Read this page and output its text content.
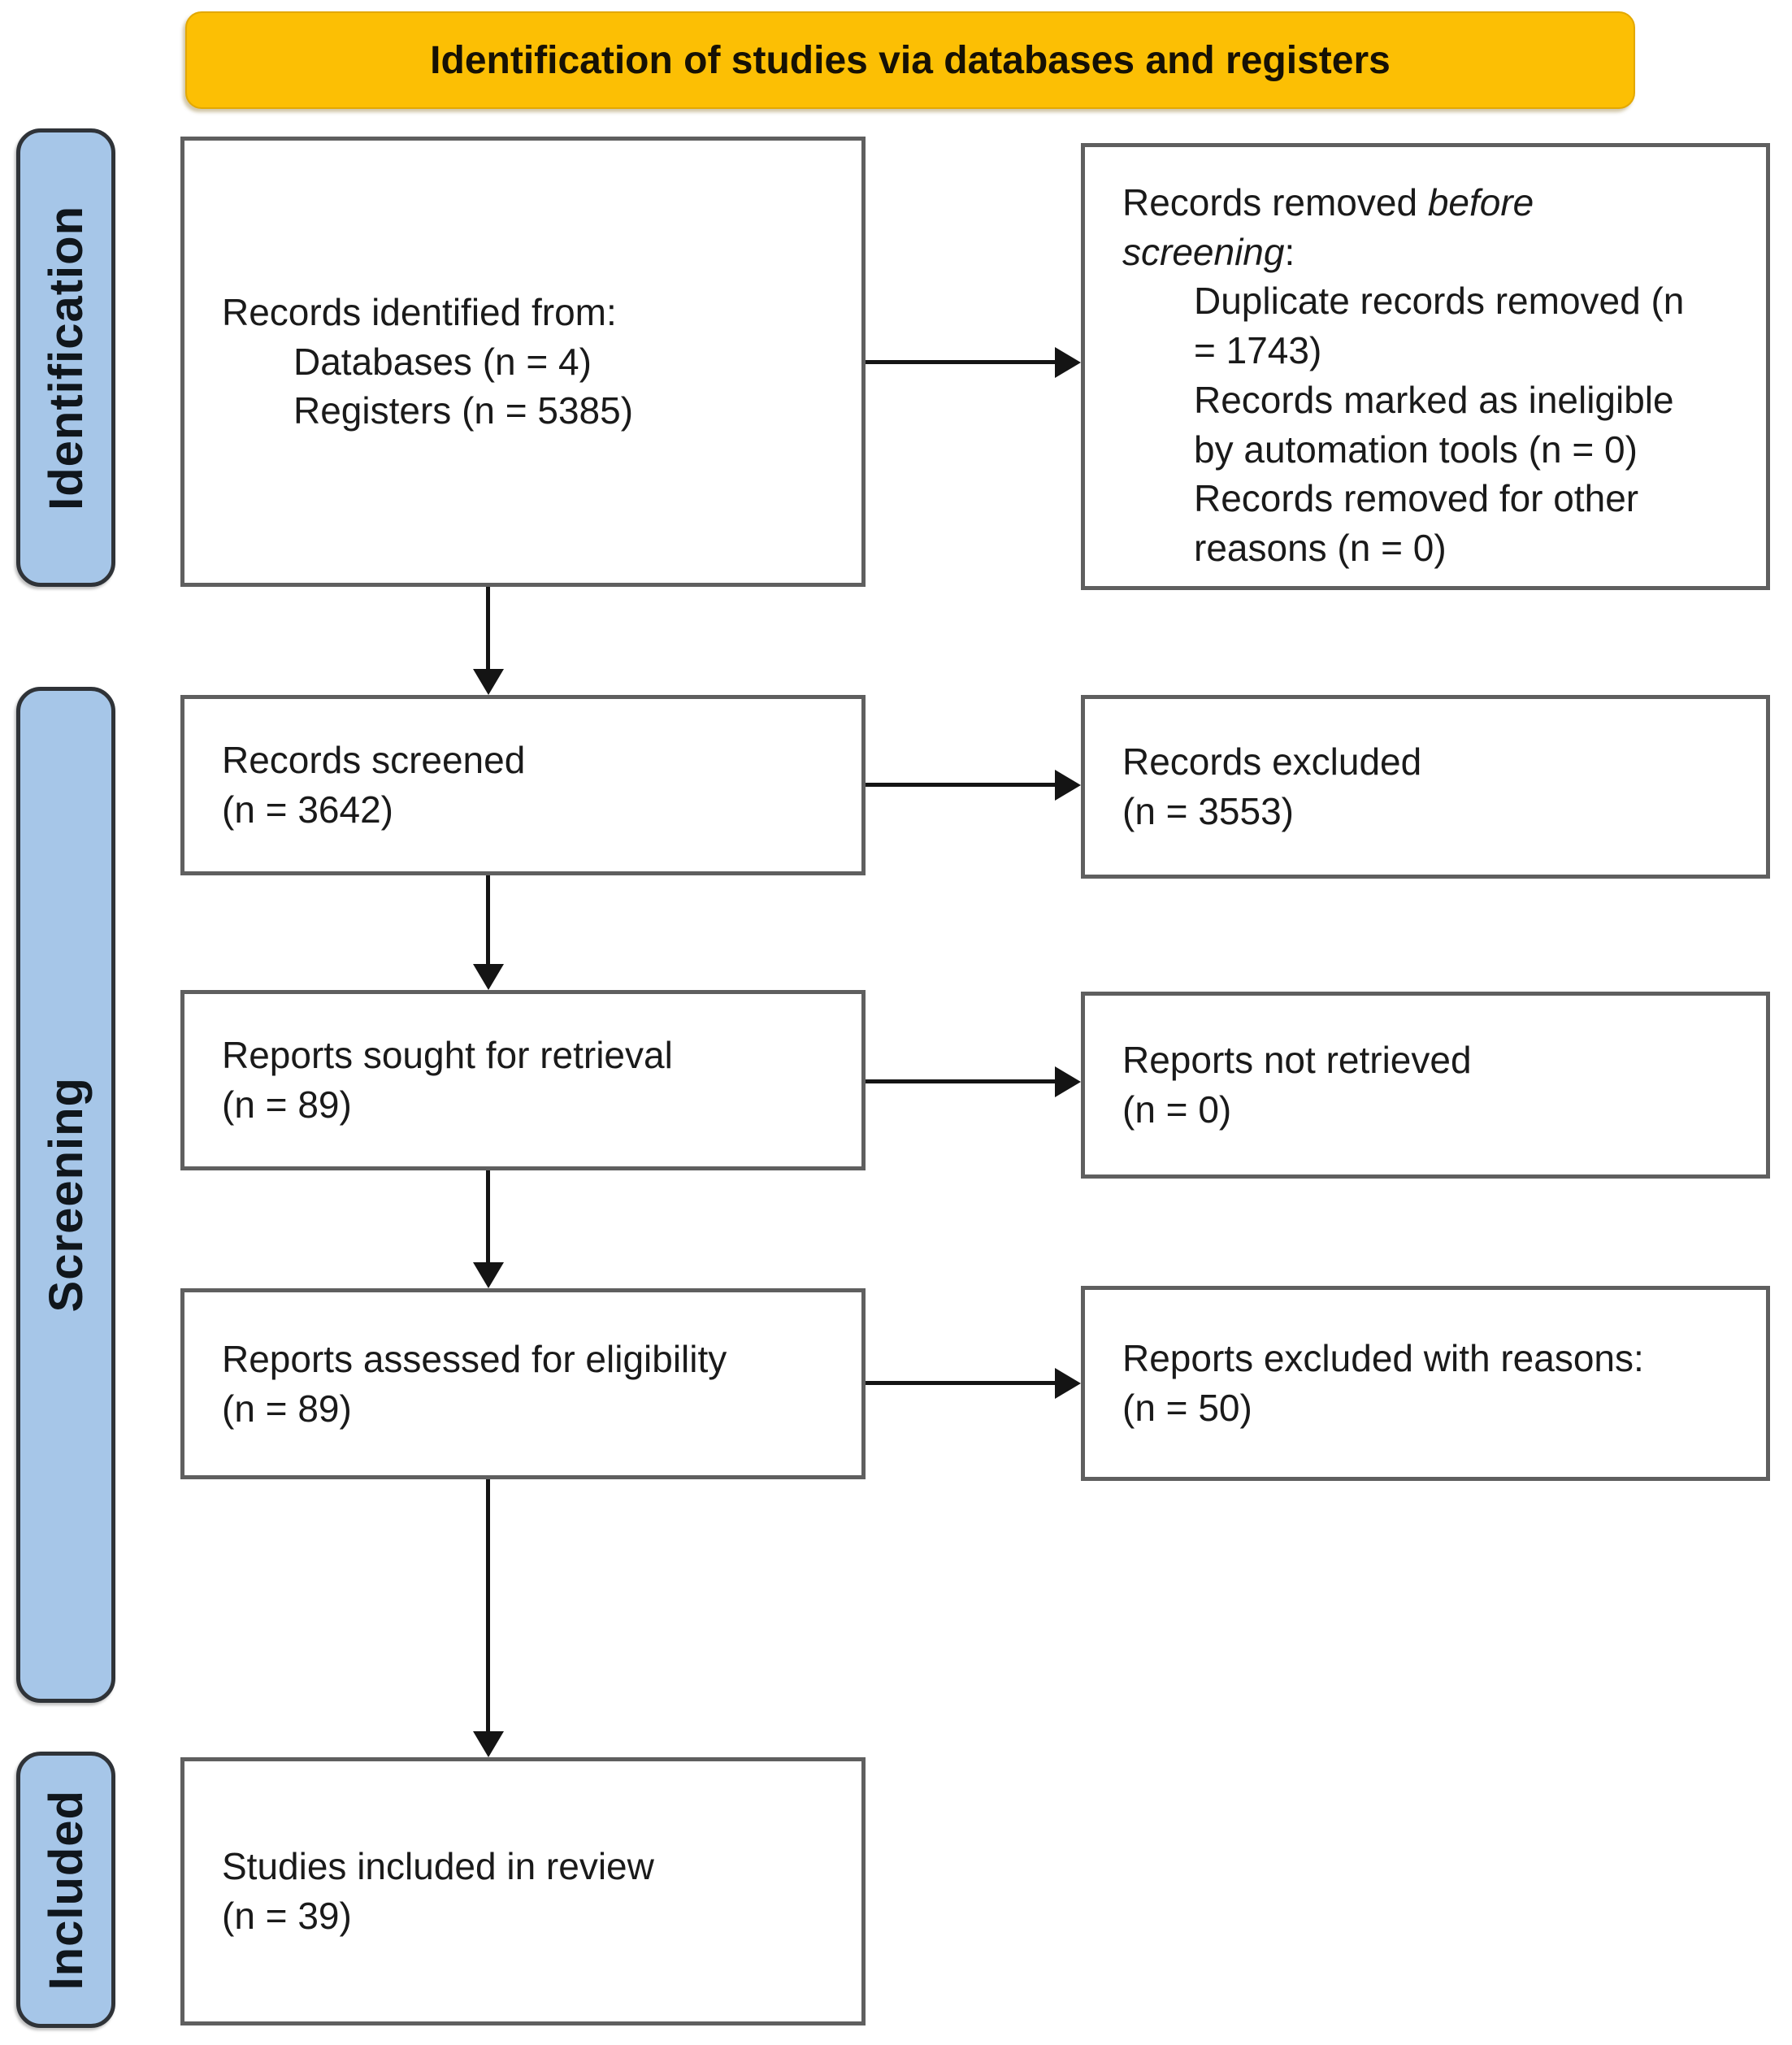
Identification of studies via databases and registers
Identification
Screening
Included
Records identified from:
Databases (n = 4)
Registers (n = 5385)
Records removed before screening:
Duplicate records removed (n = 1743)
Records marked as ineligible by automation tools (n = 0)
Records removed for other reasons (n = 0)
Records screened
(n = 3642)
Records excluded
(n = 3553)
Reports sought for retrieval
(n = 89)
Reports not retrieved
(n = 0)
Reports assessed for eligibility
(n = 89)
Reports excluded with reasons:
(n = 50)
Studies included in review
(n = 39)
